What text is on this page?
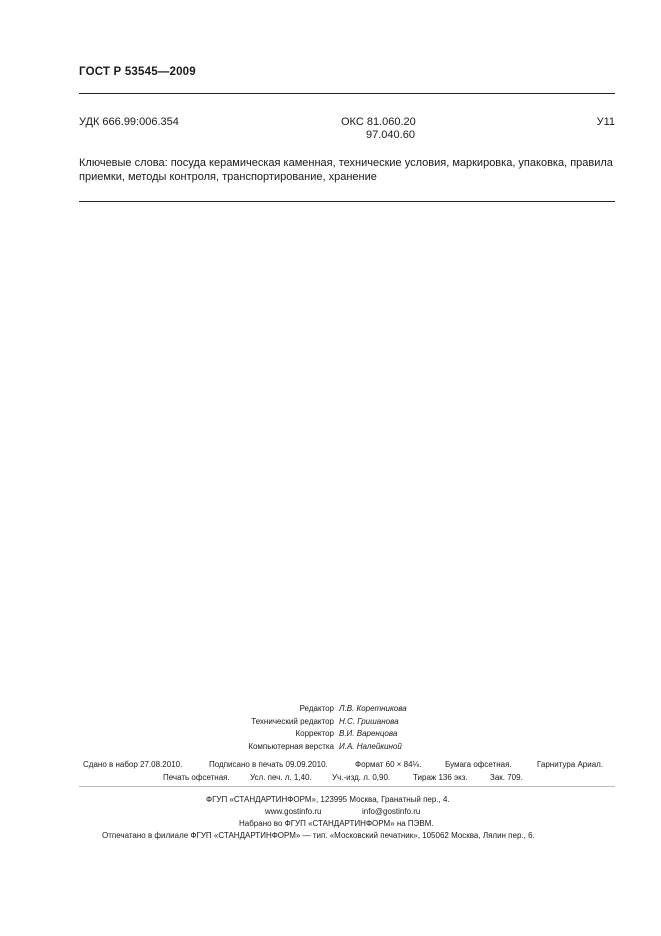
ГОСТ Р 53545—2009
УДК 666.99:006.354	ОКС 81.060.20
97.040.60
У11
Ключевые слова: посуда керамическая каменная, технические условия, маркировка, упаковка, правила приемки, методы контроля, транспортирование, хранение
Редактор Л.В. Коретникова
Технический редактор Н.С. Гришанова
Корректор В.И. Варенцова
Компьютерная верстка И.А. Налейкиной
Сдано в набор 27.08.2010.	Подписано в печать 09.09.2010.	Формат 60 × 84⅛.	Бумага офсетная.	Гарнитура Ариал.
Печать офсетная.	Усл. печ. л. 1,40.	Уч.-изд. л. 0,90.	Тираж 136 экз.	Зак. 709.
ФГУП «СТАНДАРТИНФОРМ», 123995 Москва, Гранатный пер., 4.
www.gostinfo.ru	info@gostinfo.ru
Набрано во ФГУП «СТАНДАРТИНФОРМ» на ПЭВМ.
Отпечатано в филиале ФГУП «СТАНДАРТИНФОРМ» — тип. «Московский печатник», 105062 Москва, Лялин пер., 6.
